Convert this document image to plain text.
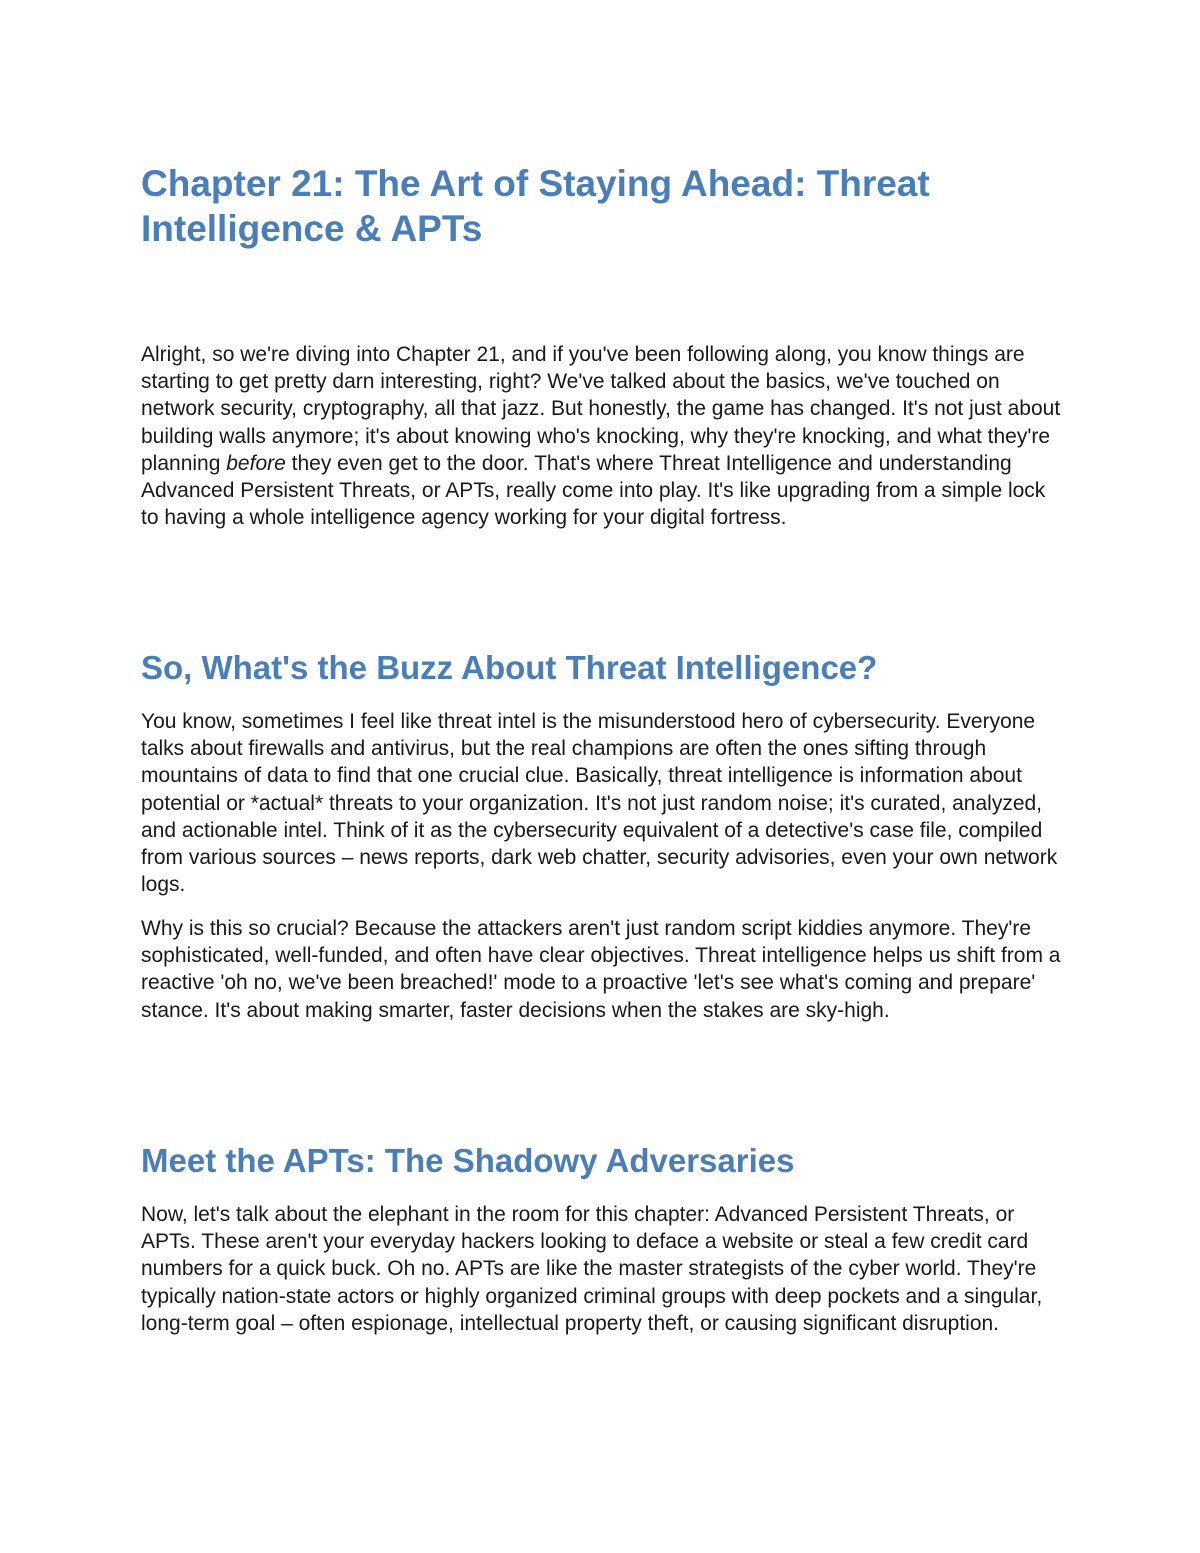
Chapter 21: The Art of Staying Ahead: Threat Intelligence & APTs

Alright, so we're diving into Chapter 21, and if you've been following along, you know things are starting to get pretty darn interesting, right? We've talked about the basics, we've touched on network security, cryptography, all that jazz. But honestly, the game has changed. It's not just about building walls anymore; it's about knowing who's knocking, why they're knocking, and what they're planning before they even get to the door. That's where Threat Intelligence and understanding Advanced Persistent Threats, or APTs, really come into play. It's like upgrading from a simple lock to having a whole intelligence agency working for your digital fortress.

So, What's the Buzz About Threat Intelligence?

You know, sometimes I feel like threat intel is the misunderstood hero of cybersecurity. Everyone talks about firewalls and antivirus, but the real champions are often the ones sifting through mountains of data to find that one crucial clue. Basically, threat intelligence is information about potential or *actual* threats to your organization. It's not just random noise; it's curated, analyzed, and actionable intel. Think of it as the cybersecurity equivalent of a detective's case file, compiled from various sources – news reports, dark web chatter, security advisories, even your own network logs.

Why is this so crucial? Because the attackers aren't just random script kiddies anymore. They're sophisticated, well-funded, and often have clear objectives. Threat intelligence helps us shift from a reactive 'oh no, we've been breached!' mode to a proactive 'let's see what's coming and prepare' stance. It's about making smarter, faster decisions when the stakes are sky-high.

Meet the APTs: The Shadowy Adversaries

Now, let's talk about the elephant in the room for this chapter: Advanced Persistent Threats, or APTs. These aren't your everyday hackers looking to deface a website or steal a few credit card numbers for a quick buck. Oh no. APTs are like the master strategists of the cyber world. They're typically nation-state actors or highly organized criminal groups with deep pockets and a singular, long-term goal – often espionage, intellectual property theft, or causing significant disruption.
